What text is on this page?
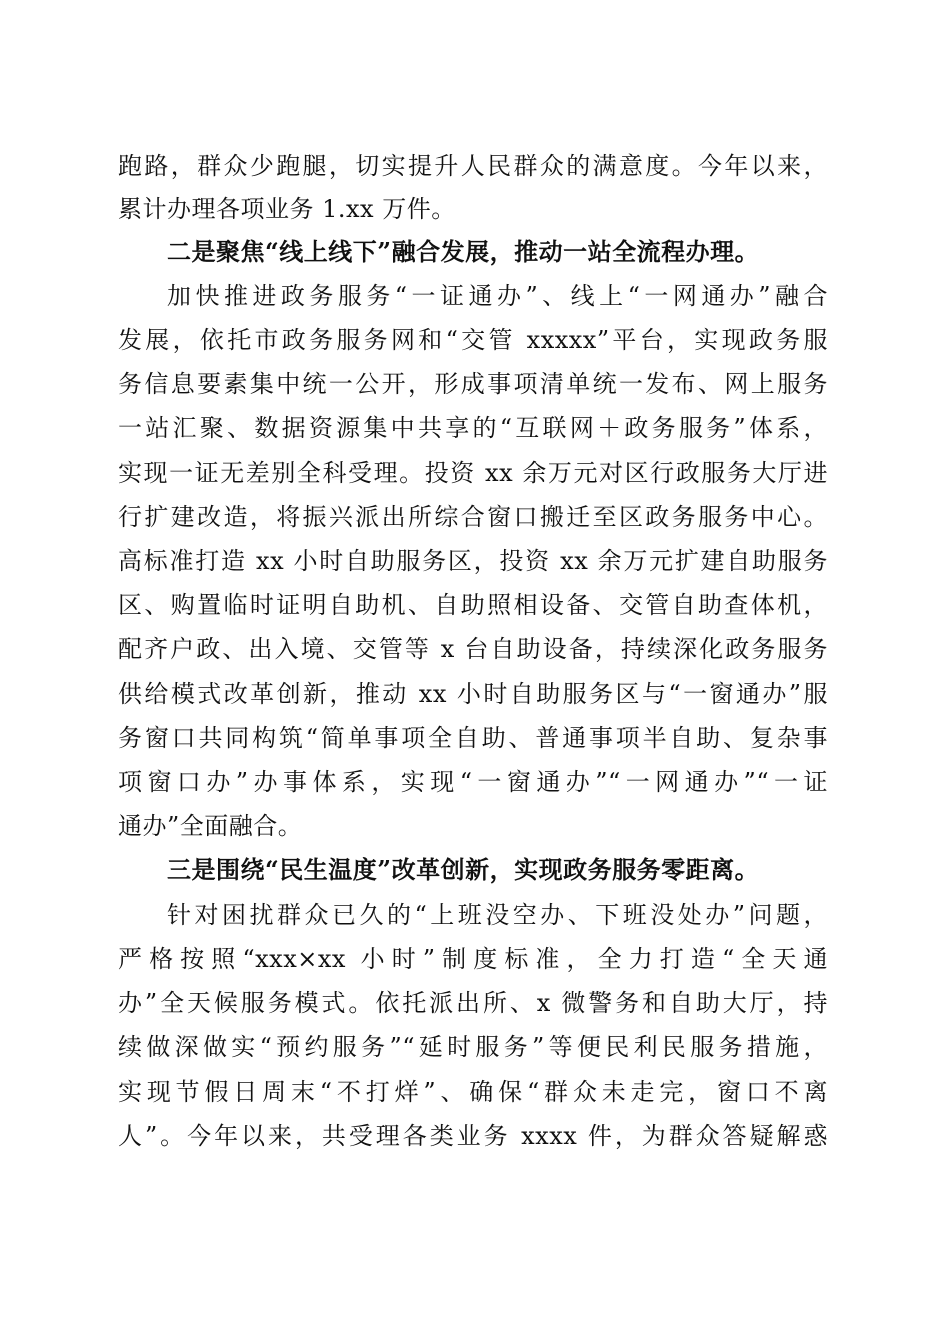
跑路，群众少跑腿，切实提升人民群众的满意度。今年以来，
累计办理各项业务 1.xx 万件。
二是聚焦“线上线下”融合发展，推动一站全流程办理。
加快推进政务服务“一证通办”、线上“一网通办”融合
发展，依托市政务服务网和“交管 xxxxx”平台，实现政务服
务信息要素集中统一公开，形成事项清单统一发布、网上服务
一站汇聚、数据资源集中共享的“互联网＋政务服务”体系，
实现一证无差别全科受理。投资 xx 余万元对区行政服务大厅进
行扩建改造，将振兴派出所综合窗口搬迁至区政务服务中心。
高标准打造 xx 小时自助服务区，投资 xx 余万元扩建自助服务
区、购置临时证明自助机、自助照相设备、交管自助查体机，
配齐户政、出入境、交管等 x 台自助设备，持续深化政务服务
供给模式改革创新，推动 xx 小时自助服务区与“一窗通办”服
务窗口共同构筑“简单事项全自助、普通事项半自助、复杂事
项窗口办”办事体系，实现“一窗通办”“一网通办”“一证
通办”全面融合。
三是围绕“民生温度”改革创新，实现政务服务零距离。
针对困扰群众已久的“上班没空办、下班没处办”问题，
严格按照“xxx×xx 小时”制度标准，全力打造“全天通
办”全天候服务模式。依托派出所、x 微警务和自助大厅，持
续做深做实“预约服务”“延时服务”等便民利民服务措施，
实现节假日周末“不打烊”、确保“群众未走完，窗口不离
人”。今年以来，共受理各类业务 xxxx 件，为群众答疑解惑
